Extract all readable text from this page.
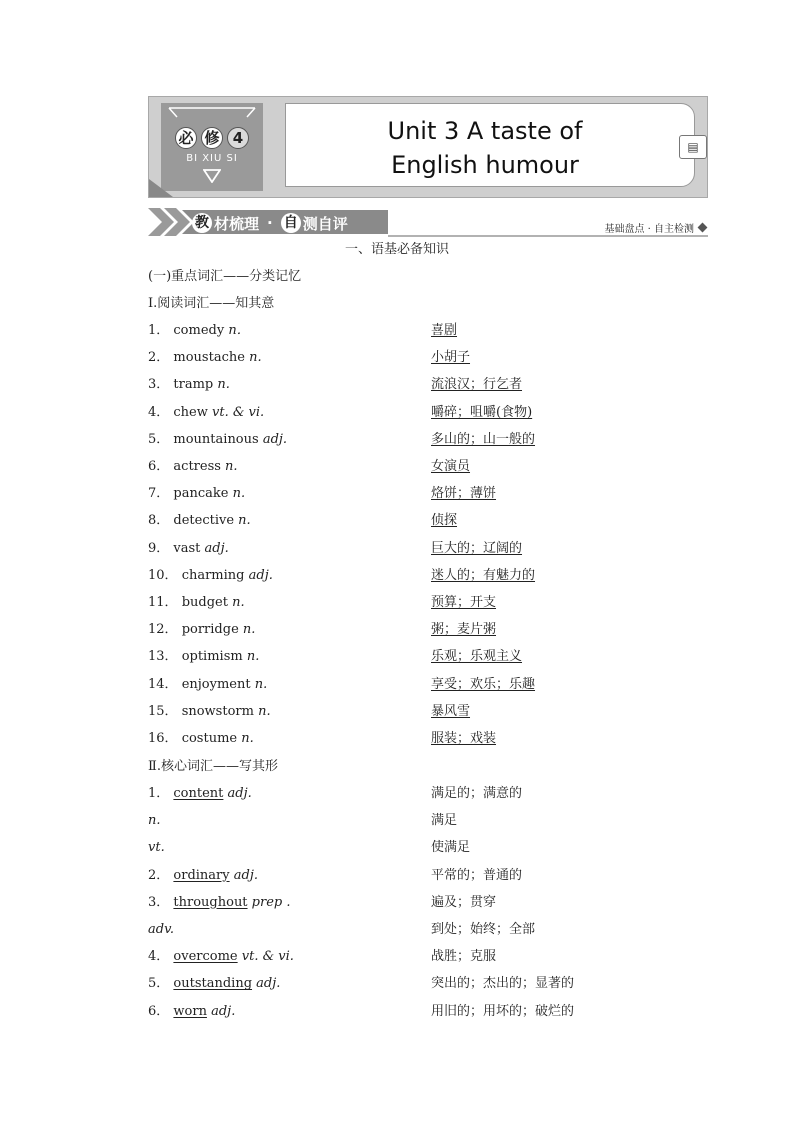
必 修 4
BI XIU SI
Unit 3 A taste of
English humour
▤
教 材梳理 · 自 测自评	基础盘点 · 自主检测
一、语基必备知识
(一)重点词汇——分类记忆
Ⅰ.阅读词汇——知其意
1． comedy n．	喜剧
2． moustache n.	小胡子
3． tramp n.	流浪汉；行乞者
4． chew vt. & vi.	嚼碎；咀嚼(食物)
5． mountainous adj.	多山的；山一般的
6． actress n.	女演员
7． pancake n.	烙饼；薄饼
8． detective n.	侦探
9． vast adj.	巨大的；辽阔的
10． charming adj.	迷人的；有魅力的
11． budget n.	预算；开支
12． porridge n.	粥；麦片粥
13． optimism n.	乐观；乐观主义
14． enjoyment n.	享受；欢乐；乐趣
15． snowstorm n.	暴风雪
16． costume n.	服装；戏装
Ⅱ.核心词汇——写其形
1． content adj.	满足的；满意的
n.	满足
vt.	使满足
2． ordinary adj.	平常的；普通的
3． throughout prep .	遍及；贯穿
adv.	到处；始终；全部
4． overcome vt. & vi.	战胜；克服
5． outstanding adj.	突出的；杰出的；显著的
6． worn adj.	用旧的；用坏的；破烂的
